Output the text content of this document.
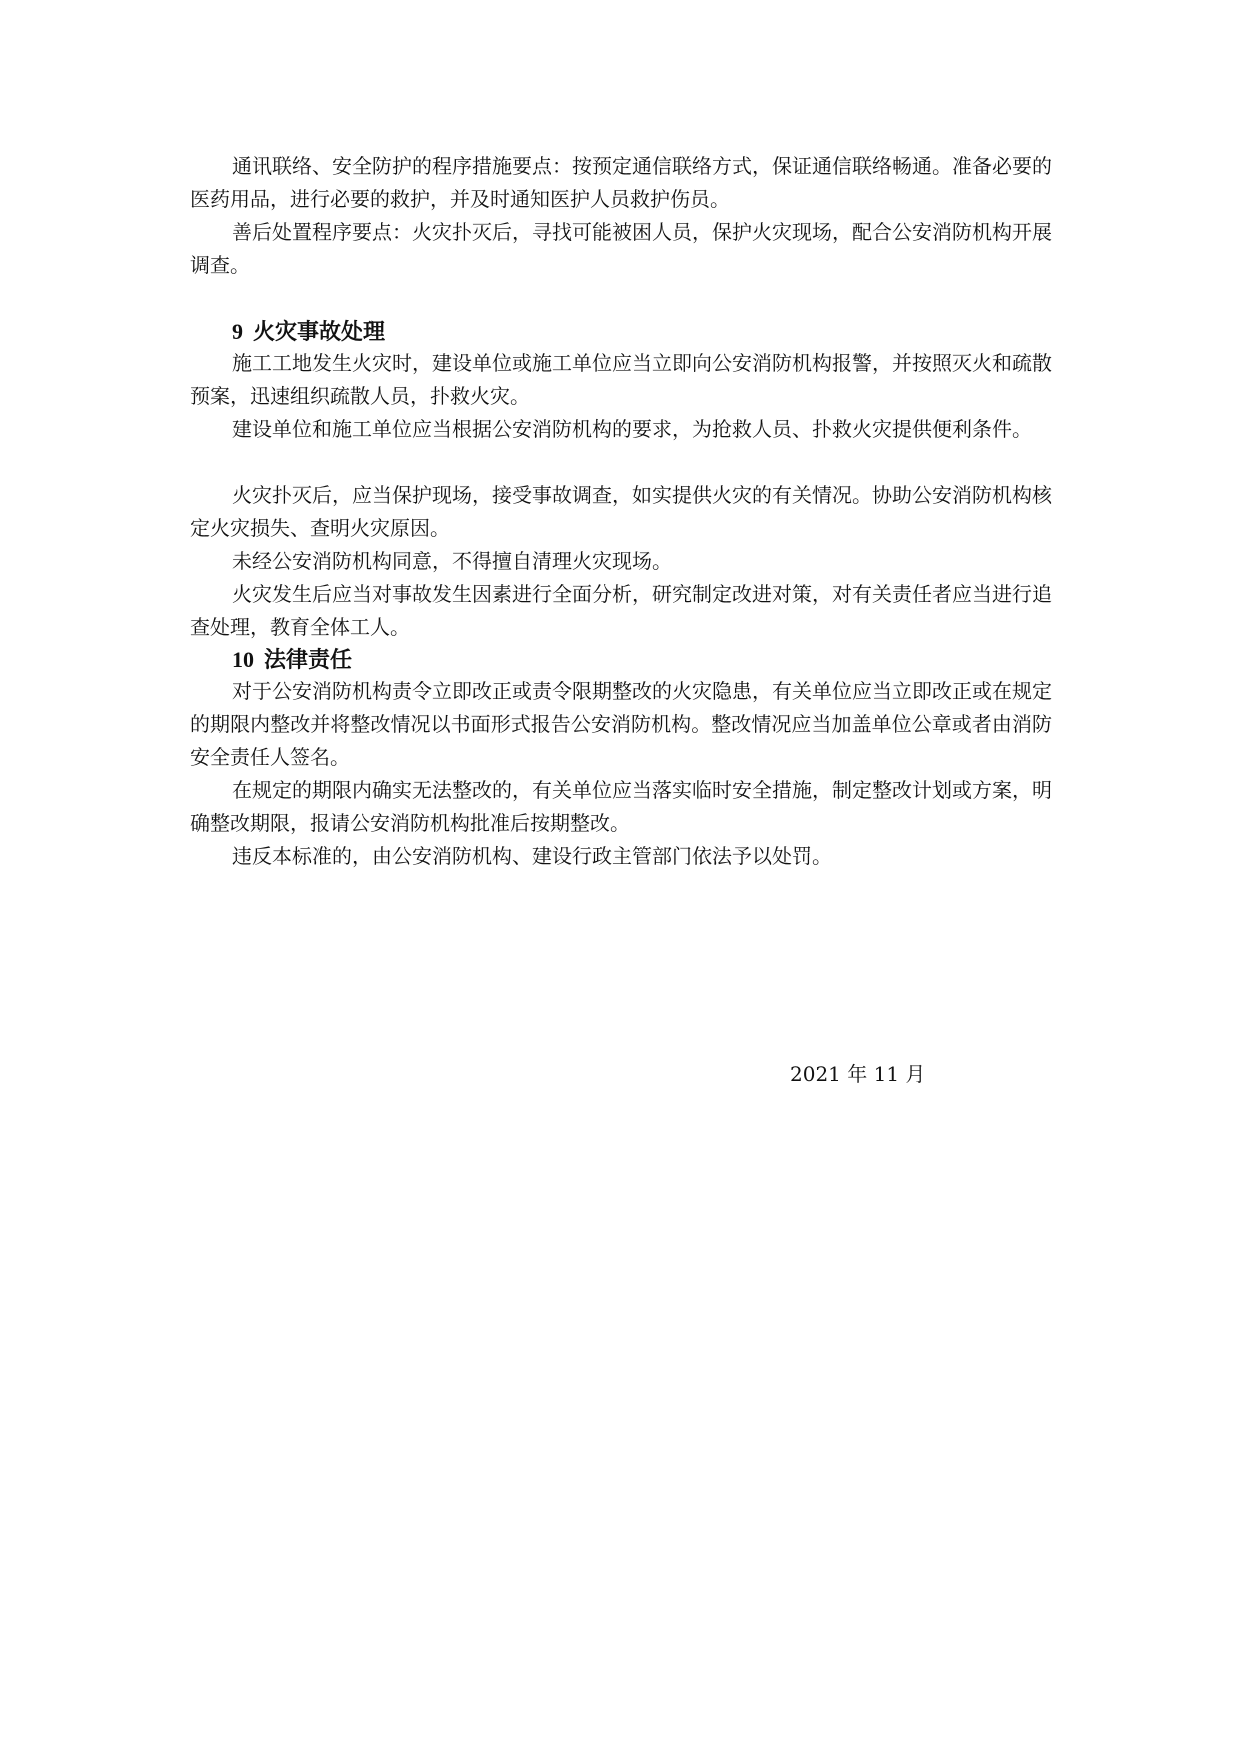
通讯联络、安全防护的程序措施要点：按预定通信联络方式，保证通信联络畅通。准备必要的医药用品，进行必要的救护，并及时通知医护人员救护伤员。

善后处置程序要点：火灾扑灭后，寻找可能被困人员，保护火灾现场，配合公安消防机构开展调查。

9 火灾事故处理

施工工地发生火灾时，建设单位或施工单位应当立即向公安消防机构报警，并按照灭火和疏散预案，迅速组织疏散人员，扑救火灾。

建设单位和施工单位应当根据公安消防机构的要求，为抢救人员、扑救火灾提供便利条件。

火灾扑灭后，应当保护现场，接受事故调查，如实提供火灾的有关情况。协助公安消防机构核定火灾损失、查明火灾原因。

未经公安消防机构同意，不得擅自清理火灾现场。

火灾发生后应当对事故发生因素进行全面分析，研究制定改进对策，对有关责任者应当进行追查处理，教育全体工人。

10 法律责任

对于公安消防机构责令立即改正或责令限期整改的火灾隐患，有关单位应当立即改正或在规定的期限内整改并将整改情况以书面形式报告公安消防机构。整改情况应当加盖单位公章或者由消防安全责任人签名。

在规定的期限内确实无法整改的，有关单位应当落实临时安全措施，制定整改计划或方案，明确整改期限，报请公安消防机构批准后按期整改。

违反本标准的，由公安消防机构、建设行政主管部门依法予以处罚。

2021 年 11 月
